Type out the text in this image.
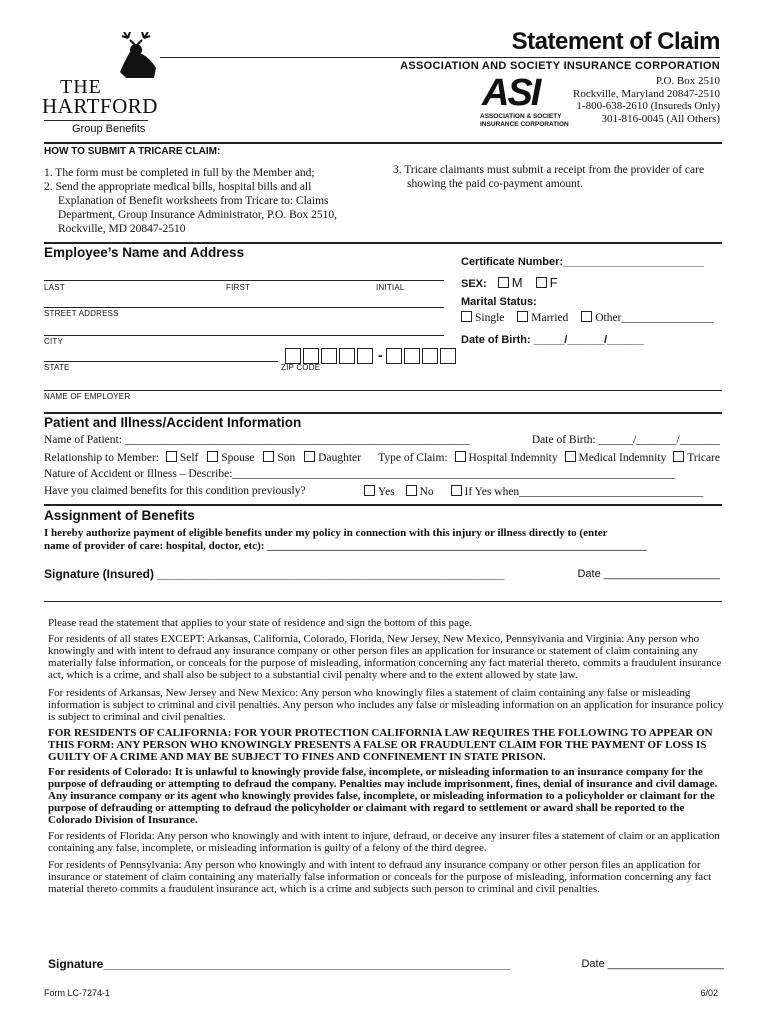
THE
HARTFORD
Group Benefits
Statement of Claim
ASSOCIATION AND SOCIETY INSURANCE CORPORATION
ASI
ASSOCIATION & SOCIETY
INSURANCE CORPORATION
P.O. Box 2510
Rockville, Maryland 20847-2510
1-800-638-2610 (Insureds Only)
301-816-0045 (All Others)
HOW TO SUBMIT A TRICARE CLAIM:
1. The form must be completed in full by the Member and;
2. Send the appropriate medical bills, hospital bills and all
Explanation of Benefit worksheets from Tricare to: Claims
Department, Group Insurance Administrator, P.O. Box 2510,
Rockville, MD 20847-2510
3. Tricare claimants must submit a receipt from the provider of care
showing the paid co-payment amount.
Employee’s Name and Address
LAST	FIRST	INITIAL
STREET ADDRESS
CITY
STATE
-
ZIP CODE
Certificate Number:_______________________
SEX: M F
Marital Status:
Single Married Other________________
Date of Birth: _____/______/______
NAME OF EMPLOYER
Patient and Illness/Accident Information
Name of Patient: ____________________________________________________________	Date of Birth: ______/_______/_______
Relationship to Member: Self Spouse Son Daughter Type of Claim: Hospital Indemnity Medical Indemnity Tricare
Nature of Accident or Illness – Describe:_____________________________________________________________________________
Have you claimed benefits for this condition previously?	Yes No	If Yes when________________________________
Assignment of Benefits
I hereby authorize payment of eligible benefits under my policy in connection with this injury or illness directly to (enter
name of provider of care: hospital, doctor, etc): _____________________________________________________________________
Signature (Insured) ____________________________________________________	Date ___________________
Please read the statement that applies to your state of residence and sign the bottom of this page.
For residents of all states EXCEPT: Arkansas, California, Colorado, Florida, New Jersey, New Mexico, Pennsylvania and Virginia: Any person who knowingly and with intent to defraud any insurance company or other person files an application for insurance or statement of claim containing any materially false information, or conceals for the purpose of misleading, information concerning any fact material thereto, commits a fraudulent insurance act, which is a crime, and shall also be subject to a substantial civil penalty where and to the extent allowed by state law.
For residents of Arkansas, New Jersey and New Mexico: Any person who knowingly files a statement of claim containing any false or misleading information is subject to criminal and civil penalties. Any person who includes any false or misleading information on an application for insurance policy is subject to criminal and civil penalties.
FOR RESIDENTS OF CALIFORNIA: FOR YOUR PROTECTION CALIFORNIA LAW REQUIRES THE FOLLOWING TO APPEAR ON THIS FORM: ANY PERSON WHO KNOWINGLY PRESENTS A FALSE OR FRAUDULENT CLAIM FOR THE PAYMENT OF LOSS IS GUILTY OF A CRIME AND MAY BE SUBJECT TO FINES AND CONFINEMENT IN STATE PRISON.
For residents of Colorado: It is unlawful to knowingly provide false, incomplete, or misleading information to an insurance company for the purpose of defrauding or attempting to defraud the company. Penalties may include imprisonment, fines, denial of insurance and civil damage. Any insurance company or its agent who knowingly provides false, incomplete, or misleading information to a policyholder or claimant for the purpose of defrauding or attempting to defraud the policyholder or claimant with regard to settlement or award shall be reported to the Colorado Division of Insurance.
For residents of Florida: Any person who knowingly and with intent to injure, defraud, or deceive any insurer files a statement of claim or an application containing any false, incomplete, or misleading information is guilty of a felony of the third degree.
For residents of Pennsylvania: Any person who knowingly and with intent to defraud any insurance company or other person files an application for insurance or statement of claim containing any materially false information or conceals for the purpose of misleading, information concerning any fact material thereto commits a fraudulent insurance act, which is a crime and subjects such person to criminal and civil penalties.
Signature_____________________________________________________________	Date ___________________
Form LC-7274-1	6/02
